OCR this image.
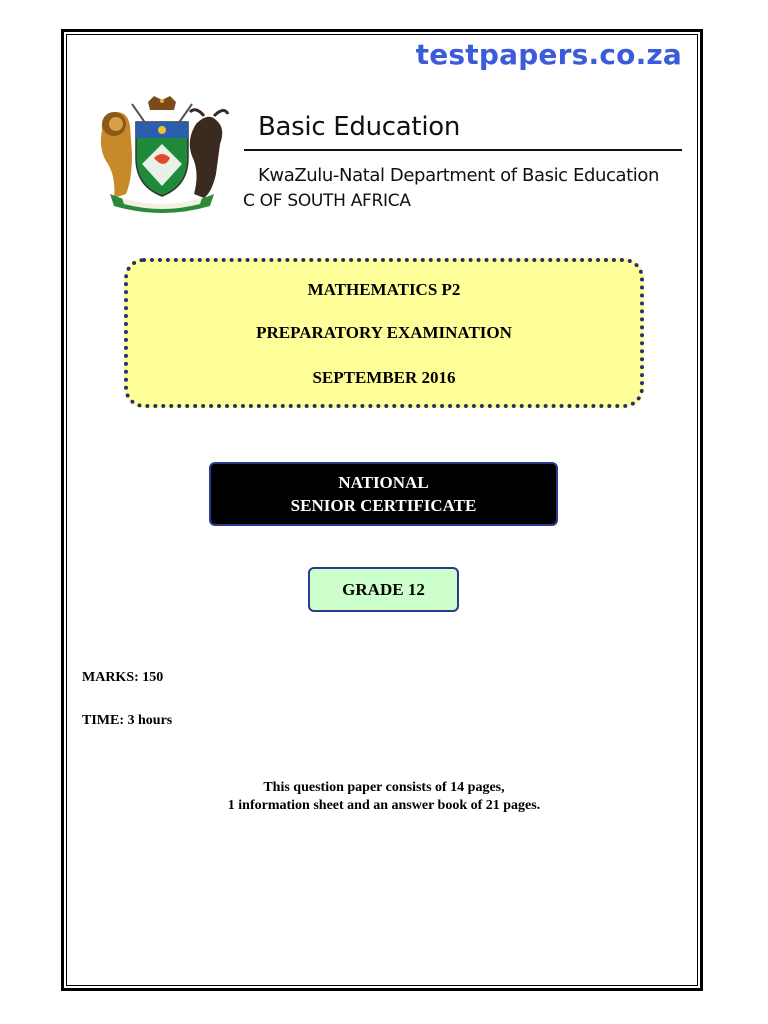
testpapers.co.za
Basic Education
KwaZulu-Natal Department of Basic Education
C OF SOUTH AFRICA
MATHEMATICS P2
PREPARATORY EXAMINATION
SEPTEMBER 2016
NATIONAL
SENIOR CERTIFICATE
GRADE 12
MARKS: 150
TIME: 3 hours
This question paper consists of 14 pages,
1 information sheet and an answer book of 21 pages.
